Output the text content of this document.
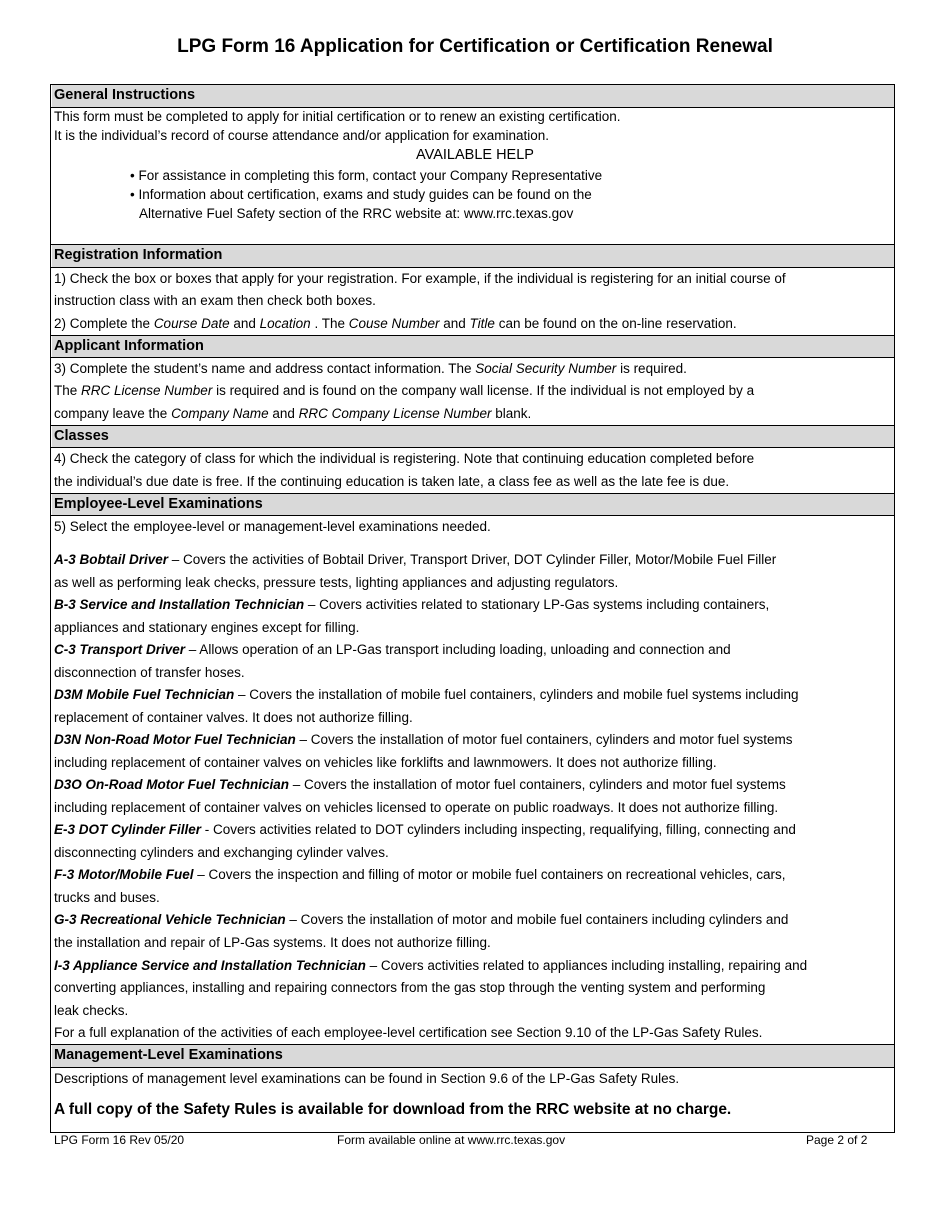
LPG Form 16 Application for Certification or Certification Renewal
General Instructions
This form must be completed to apply for initial certification or to renew an existing certification.
It is the individual’s record of course attendance and/or application for examination.
AVAILABLE HELP
• For assistance in completing this form, contact your Company Representative
• Information about certification, exams and study guides can be found on the
Alternative Fuel Safety section of the RRC website at: www.rrc.texas.gov
Registration Information
1) Check the box or boxes that apply for your registration. For example, if the individual is registering for an initial course of
instruction class with an exam then check both boxes.
2) Complete the Course Date and Location . The Couse Number and Title can be found on the on-line reservation.
Applicant Information
3) Complete the student’s name and address contact information. The Social Security Number is required.
The RRC License Number is required and is found on the company wall license. If the individual is not employed by a
company leave the Company Name and RRC Company License Number blank.
Classes
4) Check the category of class for which the individual is registering. Note that continuing education completed before
the individual’s due date is free. If the continuing education is taken late, a class fee as well as the late fee is due.
Employee-Level Examinations
5) Select the employee-level or management-level examinations needed.
A-3 Bobtail Driver – Covers the activities of Bobtail Driver, Transport Driver, DOT Cylinder Filler, Motor/Mobile Fuel Filler
as well as performing leak checks, pressure tests, lighting appliances and adjusting regulators.
B-3 Service and Installation Technician – Covers activities related to stationary LP-Gas systems including containers,
appliances and stationary engines except for filling.
C-3 Transport Driver – Allows operation of an LP-Gas transport including loading, unloading and connection and
disconnection of transfer hoses.
D3M Mobile Fuel Technician – Covers the installation of mobile fuel containers, cylinders and mobile fuel systems including
replacement of container valves. It does not authorize filling.
D3N Non-Road Motor Fuel Technician – Covers the installation of motor fuel containers, cylinders and motor fuel systems
including replacement of container valves on vehicles like forklifts and lawnmowers. It does not authorize filling.
D3O On-Road Motor Fuel Technician – Covers the installation of motor fuel containers, cylinders and motor fuel systems
including replacement of container valves on vehicles licensed to operate on public roadways. It does not authorize filling.
E-3 DOT Cylinder Filler - Covers activities related to DOT cylinders including inspecting, requalifying, filling, connecting and
disconnecting cylinders and exchanging cylinder valves.
F-3 Motor/Mobile Fuel – Covers the inspection and filling of motor or mobile fuel containers on recreational vehicles, cars,
trucks and buses.
G-3 Recreational Vehicle Technician – Covers the installation of motor and mobile fuel containers including cylinders and
the installation and repair of LP-Gas systems. It does not authorize filling.
I-3 Appliance Service and Installation Technician – Covers activities related to appliances including installing, repairing and
converting appliances, installing and repairing connectors from the gas stop through the venting system and performing
leak checks.
For a full explanation of the activities of each employee-level certification see Section 9.10 of the LP-Gas Safety Rules.
Management-Level Examinations
Descriptions of management level examinations can be found in Section 9.6 of the LP-Gas Safety Rules.
A full copy of the Safety Rules is available for download from the RRC website at no charge.
LPG Form 16 Rev 05/20	Form available online at www.rrc.texas.gov	Page 2 of 2
